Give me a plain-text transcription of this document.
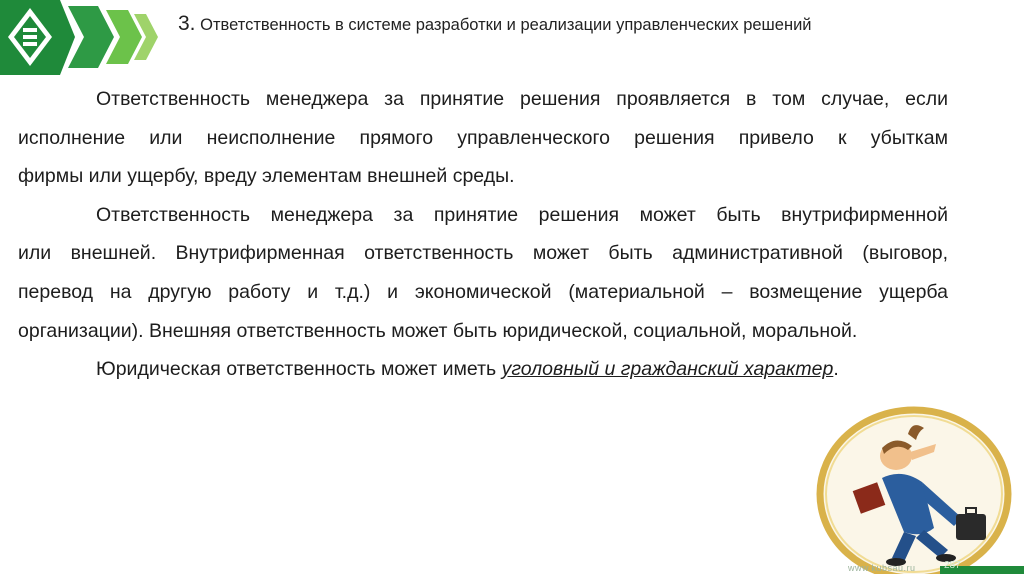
3. Ответственность в системе разработки и реализации управленческих решений

Ответственность менеджера за принятие решения проявляется в том случае, если
исполнение или неисполнение прямого управленческого решения привело к убыткам
фирмы или ущербу, вреду элементам внешней среды.

Ответственность менеджера за принятие решения может быть внутрифирменной
или внешней. Внутрифирменная ответственность может быть административной (выговор,
перевод на другую работу и т.д.) и экономической (материальной – возмещение ущерба
организации). Внешняя ответственность может быть юридической, социальной, моральной.

Юридическая ответственность может иметь уголовный и гражданский характер.

www.kubsau.ru	287
